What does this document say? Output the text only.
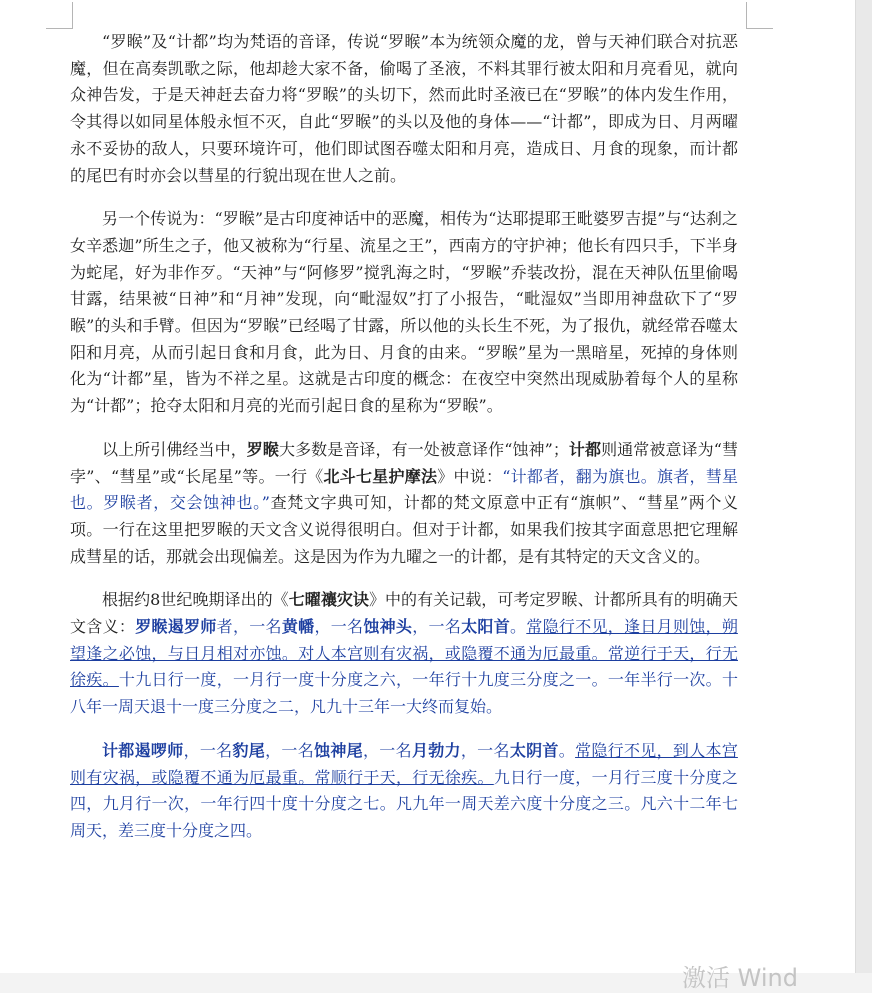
“罗睺”及“计都”均为梵语的音译，传说“罗睺”本为统领众魔的龙，曾与天神们联合对抗恶魔，但在高奏凯歌之际，他却趁大家不备，偷喝了圣液，不料其罪行被太阳和月亮看见，就向众神告发，于是天神赶去奋力将“罗睺”的头切下，然而此时圣液已在“罗睺”的体内发生作用，令其得以如同星体般永恒不灭，自此“罗睺”的头以及他的身体——“计都”，即成为日、月两曜永不妥协的敌人，只要环境许可，他们即试图吞噬太阳和月亮，造成日、月食的现象，而计都的尾巴有时亦会以彗星的行貌出现在世人之前。

另一个传说为：“罗睺”是古印度神话中的恶魔，相传为“达耶提耶王毗婆罗吉提”与“达刹之女辛悉迦”所生之子，他又被称为“行星、流星之王”，西南方的守护神；他长有四只手，下半身为蛇尾，好为非作歹。“天神”与“阿修罗”搅乳海之时，“罗睺”乔装改扮，混在天神队伍里偷喝甘露，结果被“日神”和“月神”发现，向“毗湿奴”打了小报告，“毗湿奴”当即用神盘砍下了“罗睺”的头和手臂。但因为“罗睺”已经喝了甘露，所以他的头长生不死，为了报仇，就经常吞噬太阳和月亮，从而引起日食和月食，此为日、月食的由来。“罗睺”星为一黑暗星，死掉的身体则化为“计都”星，皆为不祥之星。这就是古印度的概念：在夜空中突然出现威胁着每个人的星称为“计都”；抢夺太阳和月亮的光而引起日食的星称为“罗睺”。

以上所引佛经当中，罗睺大多数是音译，有一处被意译作“蚀神”；计都则通常被意译为“彗孛”、“彗星”或“长尾星”等。一行《北斗七星护摩法》中说：“计都者，翻为旗也。旗者，彗星也。罗睺者，交会蚀神也。”查梵文字典可知，计都的梵文原意中正有“旗帜”、“彗星”两个义项。一行在这里把罗睺的天文含义说得很明白。但对于计都，如果我们按其字面意思把它理解成彗星的话，那就会出现偏差。这是因为作为九曜之一的计都，是有其特定的天文含义的。

根据约8世纪晚期译出的《七曜禳灾诀》中的有关记载，可考定罗睺、计都所具有的明确天文含义：罗睺遏罗师者，一名黄幡，一名蚀神头，一名太阳首。常隐行不见，逢日月则蚀，朔望逢之必蚀，与日月相对亦蚀。对人本宫则有灾祸，或隐覆不通为厄最重。常逆行于天，行无徐疾。十九日行一度，一月行一度十分度之六，一年行十九度三分度之一。一年半行一次。十八年一周天退十一度三分度之二，凡九十三年一大终而复始。

计都遏啰师，一名豹尾，一名蚀神尾，一名月勃力，一名太阴首。常隐行不见，到人本宫则有灾祸，或隐覆不通为厄最重。常顺行于天，行无徐疾。九日行一度，一月行三度十分度之四，九月行一次，一年行四十度十分度之七。凡九年一周天差六度十分度之三。凡六十二年七周天，差三度十分度之四。

激活 Wind
